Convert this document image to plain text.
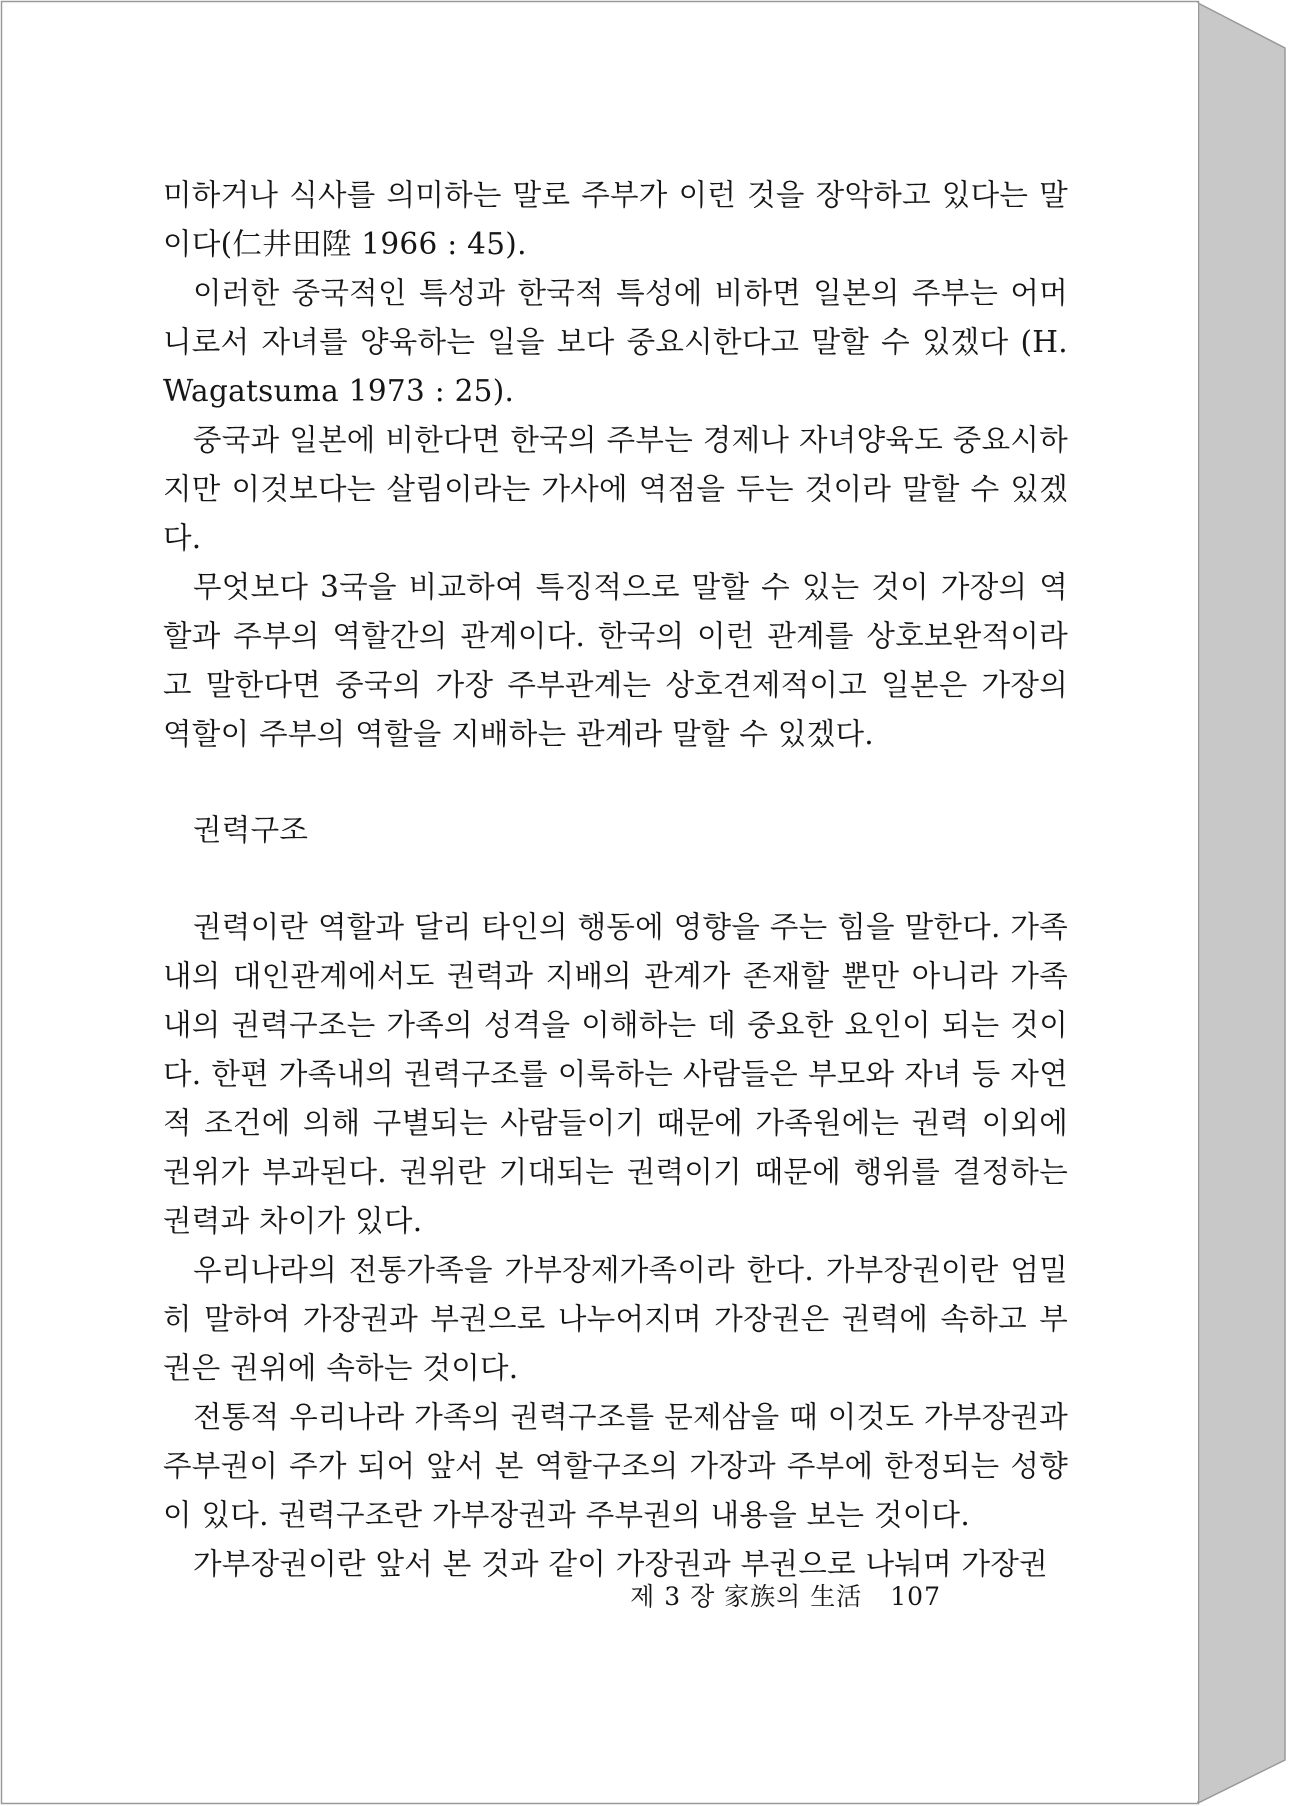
미하거나 식사를 의미하는 말로 주부가 이런 것을 장악하고 있다는 말이다(仁井田陞 1966 : 45).

이러한 중국적인 특성과 한국적 특성에 비하면 일본의 주부는 어머니로서 자녀를 양육하는 일을 보다 중요시한다고 말할 수 있겠다 (H. Wagatsuma 1973 : 25).

중국과 일본에 비한다면 한국의 주부는 경제나 자녀양육도 중요시하지만 이것보다는 살림이라는 가사에 역점을 두는 것이라 말할 수 있겠다.

무엇보다 3국을 비교하여 특징적으로 말할 수 있는 것이 가장의 역할과 주부의 역할간의 관계이다. 한국의 이런 관계를 상호보완적이라고 말한다면 중국의 가장 주부관계는 상호견제적이고 일본은 가장의 역할이 주부의 역할을 지배하는 관계라 말할 수 있겠다.

권력구조

권력이란 역할과 달리 타인의 행동에 영향을 주는 힘을 말한다. 가족내의 대인관계에서도 권력과 지배의 관계가 존재할 뿐만 아니라 가족내의 권력구조는 가족의 성격을 이해하는 데 중요한 요인이 되는 것이다. 한편 가족내의 권력구조를 이룩하는 사람들은 부모와 자녀 등 자연적 조건에 의해 구별되는 사람들이기 때문에 가족원에는 권력 이외에 권위가 부과된다. 권위란 기대되는 권력이기 때문에 행위를 결정하는 권력과 차이가 있다.

우리나라의 전통가족을 가부장제가족이라 한다. 가부장권이란 엄밀히 말하여 가장권과 부권으로 나누어지며 가장권은 권력에 속하고 부권은 권위에 속하는 것이다.

전통적 우리나라 가족의 권력구조를 문제삼을 때 이것도 가부장권과 주부권이 주가 되어 앞서 본 역할구조의 가장과 주부에 한정되는 성향이 있다. 권력구조란 가부장권과 주부권의 내용을 보는 것이다.

가부장권이란 앞서 본 것과 같이 가장권과 부권으로 나눠며 가장권

제 3 장 家族의 生活 107
